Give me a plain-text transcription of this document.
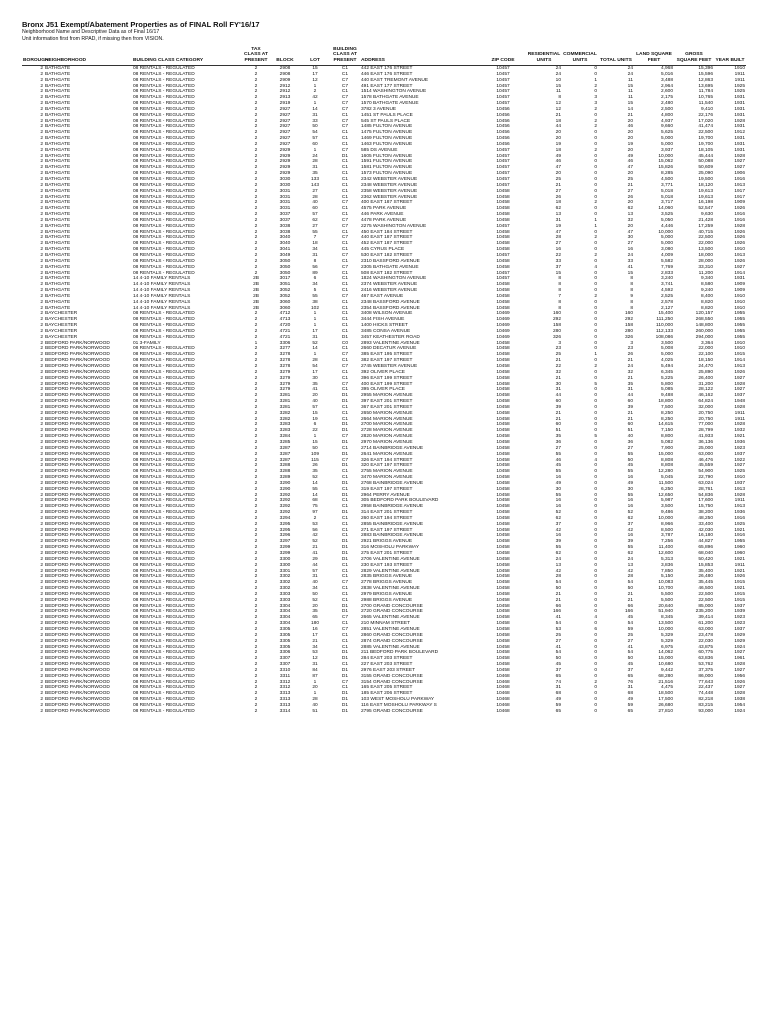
Bronx J51 Exempt/Abatement Properties as of FINAL Roll FY'16/17
Neighborhood Name and Descriptive Data as of Final 16/17
Unit information first from RPAD, if missing then from VISION.
BOROUGH	NEIGHBORHOOD	BUILDING CLASS CATEGORY	TAX CLASS AT PRESENT	BLOCK	LOT	BUILDING CLASS AT PRESENT	ADDRESS	ZIP CODE	RESIDENTIAL UNITS	COMMERCIAL UNITS	TOTAL UNITS	LAND SQUARE FEET	GROSS SQUARE FEET	YEAR BUILT
2	BATHGATE	08 RENTALS - REGULATED	2	2908	15	C1	442 EAST 176 STREET	10457	24	0	24	4,968	15,396	1910
2	BATHGATE	08 RENTALS - REGULATED	2	2908	17	C1	446 EAST 176 STREET	10457	24	0	24	5,016	15,596	1911
2	BATHGATE	08 RENTALS - REGULATED	2	2909	12	C7	440 EAST TREMONT AVENUE	10457	10	1	11	3,488	12,863	1911
2	BATHGATE	08 RENTALS - REGULATED	2	2912	1	C7	491 EAST 177 STREET	10457	15	2	15	2,964	13,695	1925
2	BATHGATE	08 RENTALS - REGULATED	2	2912	2	C1	1514 WASHINGTON AVENUE	10457	11	0	11	2,600	11,784	1925
2	BATHGATE	08 RENTALS - REGULATED	2	2913	42	C7	1578 BATHGATE AVENUE	10457	8	3	11	2,175	10,765	1931
2	BATHGATE	08 RENTALS - REGULATED	2	2919	1	C7	1570 BATHGATE AVENUE	10457	12	3	15	2,480	11,540	1931
2	BATHGATE	08 RENTALS - REGULATED	2	2927	14	C7	3782 3 AVENUE	10456	12	2	14	2,500	9,410	1931
2	BATHGATE	08 RENTALS - REGULATED	2	2927	31	C1	1451 ST PAULS PLACE	10456	21	0	21	4,800	22,176	1931
2	BATHGATE	08 RENTALS - REGULATED	2	2927	33	C7	545 ST PAULS PLACE	10456	18	2	20	4,937	17,020	1928
2	BATHGATE	08 RENTALS - REGULATED	2	2927	50	C7	1485 FULTON AVENUE	10456	44	2	46	9,660	41,474	1931
2	BATHGATE	08 RENTALS - REGULATED	2	2927	54	C1	1475 FULTON AVENUE	10456	20	0	20	5,625	22,500	1912
2	BATHGATE	08 RENTALS - REGULATED	2	2927	57	C1	1469 FULTON AVENUE	10456	20	0	20	5,000	19,700	1931
2	BATHGATE	08 RENTALS - REGULATED	2	2927	60	C1	1463 FULTON AVENUE	10456	19	0	19	5,000	19,700	1931
2	BATHGATE	08 RENTALS - REGULATED	2	2929	1	C7	585 DS AVENUE	10457	18	2	20	3,937	18,105	1931
2	BATHGATE	08 RENTALS - REGULATED	2	2929	24	D1	1605 FULTON AVENUE	10457	49	0	49	10,000	45,444	1928
2	BATHGATE	08 RENTALS - REGULATED	2	2929	28	C1	1591 FULTON AVENUE	10457	46	0	46	15,062	50,088	1927
2	BATHGATE	08 RENTALS - REGULATED	2	2929	31	C1	1581 FULTON AVENUE	10457	47	0	47	15,826	50,609	1927
2	BATHGATE	08 RENTALS - REGULATED	2	2929	35	C1	1573 FULTON AVENUE	10457	20	0	20	8,285	25,090	1906
2	BATHGATE	08 RENTALS - REGULATED	2	3030	133	C1	2342 WEBSTER AVENUE	10457	25	0	25	4,500	19,500	1916
2	BATHGATE	08 RENTALS - REGULATED	2	3030	143	C1	2348 WEBSTER AVENUE	10457	21	0	21	3,771	18,120	1913
2	BATHGATE	08 RENTALS - REGULATED	2	3031	27	C1	2358 WEBSTER AVENUE	10458	27	0	27	5,018	19,613	1917
2	BATHGATE	08 RENTALS - REGULATED	2	3031	28	C1	2362 WEBSTER AVENUE	10458	26	0	26	5,018	19,613	1917
2	BATHGATE	08 RENTALS - REGULATED	2	3031	40	C7	400 EAST 187 STREET	10458	18	2	20	3,717	16,198	1909
2	BATHGATE	08 RENTALS - REGULATED	2	3031	60	C1	4575 PARK AVENUE	10458	62	0	62	14,060	52,547	1926
2	BATHGATE	08 RENTALS - REGULATED	2	3037	57	C1	446 PARK AVENUE	10458	13	0	13	3,525	9,630	1916
2	BATHGATE	08 RENTALS - REGULATED	2	3037	62	C7	4478 PARK AVENUE	10458	31	1	32	5,050	21,428	1916
2	BATHGATE	08 RENTALS - REGULATED	2	3038	27	C7	2275 WASHINGTON AVENUE	10457	19	1	20	4,446	17,259	1928
2	BATHGATE	08 RENTALS - REGULATED	2	3038	55	C1	450 EAST 184 STREET	10458	47	0	47	10,000	40,715	1926
2	BATHGATE	08 RENTALS - REGULATED	2	3040	7	C7	440 EAST 187 STREET	10458	28	2	30	5,000	22,500	1926
2	BATHGATE	08 RENTALS - REGULATED	2	3040	18	C1	452 EAST 187 STREET	10458	27	0	27	5,000	22,000	1926
2	BATHGATE	08 RENTALS - REGULATED	2	3041	34	C1	445 CYRUS PLACE	10458	16	0	16	3,080	13,500	1910
2	BATHGATE	08 RENTALS - REGULATED	2	3049	31	C7	530 EAST 182 STREET	10457	22	2	24	4,009	18,000	1913
2	BATHGATE	08 RENTALS - REGULATED	2	3050	8	C1	2310 BASSFORD AVENUE	10458	33	0	33	5,582	28,000	1926
2	BATHGATE	08 RENTALS - REGULATED	2	3050	56	C7	2305 BATHGATE AVENUE	10458	37	4	41	7,769	33,310	1927
2	BATHGATE	08 RENTALS - REGULATED	2	3050	89	C1	508 EAST 182 STREET	10457	15	0	15	2,833	11,200	1914
2	BATHGATE	14 4-10 FAMILY RENTALS	2B	3017	6	C1	1824 WASHINGTON AVENUE	10457	8	0	8	3,240	9,340	1931
2	BATHGATE	14 4-10 FAMILY RENTALS	2B	3051	34	C1	2374 WEBSTER AVENUE	10458	8	0	8	3,741	8,580	1909
2	BATHGATE	14 4-10 FAMILY RENTALS	2B	3052	5	C1	2416 WEBSTER AVENUE	10458	8	0	8	4,592	9,240	1909
2	BATHGATE	14 4-10 FAMILY RENTALS	2B	3052	55	C7	467 EAST AVENUE	10458	7	2	9	2,525	8,400	1910
2	BATHGATE	14 4-10 FAMILY RENTALS	2B	3060	38	C1	2348 BASSFORD AVENUE	10458	8	0	8	2,578	8,820	1910
2	BATHGATE	14 4-10 FAMILY RENTALS	2B	3060	102	C1	2354 BASSFORD AVENUE	10458	8	0	8	2,127	8,820	1910
2	BAYCHESTER	08 RENTALS - REGULATED	2	4712	1	C1	3408 WILSON AVENUE	10469	160	0	160	15,400	120,157	1955
2	BAYCHESTER	08 RENTALS - REGULATED	2	4713	1	C1	3444 FISH AVENUE	10469	292	0	292	111,250	268,550	1955
2	BAYCHESTER	08 RENTALS - REGULATED	2	4720	1	C1	1400 HICKS STREET	10469	158	0	158	110,000	148,800	1955
2	BAYCHESTER	08 RENTALS - REGULATED	2	4721	17	C1	3485 CONSA AVENUE	10469	280	0	280	112,133	260,000	1955
2	BAYCHESTER	08 RENTALS - REGULATED	2	4721	31	D1	3457 KEATHESTER ROAD	10469	326	0	326	108,086	294,000	1955
2	BEDFORD PARK/NORWOOD	01 3-FAMILY	1	3306	52	C0	2893 VALENTINE AVENUE	10458	3	0	3	3,500	3,364	1910
2	BEDFORD PARK/NORWOOD	08 RENTALS - REGULATED	2	3277	14	C1	2660 DECATUR AVENUE	10458	23	0	23	5,008	22,000	1910
2	BEDFORD PARK/NORWOOD	08 RENTALS - REGULATED	2	3278	1	C7	385 EAST 195 STREET	10458	25	1	26	5,000	22,100	1915
2	BEDFORD PARK/NORWOOD	08 RENTALS - REGULATED	2	3278	28	C1	382 EAST 197 STREET	10458	21	0	21	4,025	18,150	1914
2	BEDFORD PARK/NORWOOD	08 RENTALS - REGULATED	2	3278	54	C7	2745 WEBSTER AVENUE	10458	22	2	24	5,494	24,470	1913
2	BEDFORD PARK/NORWOOD	08 RENTALS - REGULATED	2	3279	17	C1	392 OLIVER PLACE	10458	32	0	32	6,345	25,890	1926
2	BEDFORD PARK/NORWOOD	08 RENTALS - REGULATED	2	3279	30	C1	396 EAST 199 STREET	10458	21	0	21	5,225	26,400	1927
2	BEDFORD PARK/NORWOOD	08 RENTALS - REGULATED	2	3279	35	C7	400 EAST 199 STREET	10458	30	5	35	5,800	31,200	1928
2	BEDFORD PARK/NORWOOD	08 RENTALS - REGULATED	2	3279	41	C1	395 OLIVER PLACE	10458	31	0	31	5,085	28,122	1927
2	BEDFORD PARK/NORWOOD	08 RENTALS - REGULATED	2	3281	20	D1	2955 MARION AVENUE	10458	44	0	44	9,488	46,162	1937
2	BEDFORD PARK/NORWOOD	08 RENTALS - REGULATED	2	3281	40	D1	397 EAST 201 STREET	10458	60	0	60	18,800	64,824	1948
2	BEDFORD PARK/NORWOOD	08 RENTALS - REGULATED	2	3281	57	C1	367 EAST 201 STREET	10458	39	0	39	7,500	32,000	1928
2	BEDFORD PARK/NORWOOD	08 RENTALS - REGULATED	2	3282	15	C1	2650 MARION AVENUE	10458	21	0	21	8,250	20,750	1911
2	BEDFORD PARK/NORWOOD	08 RENTALS - REGULATED	2	3282	19	C1	2664 MARION AVENUE	10458	21	0	21	8,250	20,750	1911
2	BEDFORD PARK/NORWOOD	08 RENTALS - REGULATED	2	3283	6	D1	2700 MARION AVENUE	10458	60	0	60	14,615	77,000	1928
2	BEDFORD PARK/NORWOOD	08 RENTALS - REGULATED	2	3283	22	D1	2728 MARION AVENUE	10458	51	0	51	7,150	28,799	1932
2	BEDFORD PARK/NORWOOD	08 RENTALS - REGULATED	2	3284	1	C7	2820 MARION AVENUE	10458	35	5	40	8,800	41,933	1921
2	BEDFORD PARK/NORWOOD	08 RENTALS - REGULATED	2	3285	15	D1	2970 MARION AVENUE	10458	36	0	36	5,082	36,136	1936
2	BEDFORD PARK/NORWOOD	08 RENTALS - REGULATED	2	3287	50	C1	2714 BAINBRIDGE AVENUE	10458	27	0	27	7,900	25,000	1923
2	BEDFORD PARK/NORWOOD	08 RENTALS - REGULATED	2	3287	109	D1	2641 MARION AVENUE	10458	55	0	55	15,000	63,000	1937
2	BEDFORD PARK/NORWOOD	08 RENTALS - REGULATED	2	3287	115	C7	326 EAST 194 STREET	10458	46	4	50	8,808	46,476	1922
2	BEDFORD PARK/NORWOOD	08 RENTALS - REGULATED	2	3288	26	D1	320 EAST 197 STREET	10458	45	0	45	8,808	45,559	1927
2	BEDFORD PARK/NORWOOD	08 RENTALS - REGULATED	2	3288	35	C1	2755 MARION AVENUE	10458	55	0	55	12,280	54,900	1925
2	BEDFORD PARK/NORWOOD	08 RENTALS - REGULATED	2	3289	52	C1	3470 MARION AVENUE	10458	16	0	16	5,045	22,790	1910
2	BEDFORD PARK/NORWOOD	08 RENTALS - REGULATED	2	3290	14	D1	2768 BAINBRIDGE AVENUE	10458	49	0	49	11,500	63,024	1937
2	BEDFORD PARK/NORWOOD	08 RENTALS - REGULATED	2	3290	55	C1	319 EAST 197 STREET	10458	30	0	30	6,250	28,761	1913
2	BEDFORD PARK/NORWOOD	08 RENTALS - REGULATED	2	3292	14	D1	2964 PERRY AVENUE	10458	55	0	55	12,650	54,836	1928
2	BEDFORD PARK/NORWOOD	08 RENTALS - REGULATED	2	3292	68	C1	305 BEDFORD PARK BOULEVARD	10458	16	0	16	5,987	17,600	1911
2	BEDFORD PARK/NORWOOD	08 RENTALS - REGULATED	2	3292	75	C1	2958 BAINBRIDGE AVENUE	10458	16	0	16	3,500	15,750	1913
2	BEDFORD PARK/NORWOOD	08 RENTALS - REGULATED	2	3292	97	D1	314 EAST 201 STREET	10458	52	0	52	9,486	38,200	1936
2	BEDFORD PARK/NORWOOD	08 RENTALS - REGULATED	2	3294	2	C1	260 EAST 194 STREET	10458	62	0	62	10,000	48,250	1916
2	BEDFORD PARK/NORWOOD	08 RENTALS - REGULATED	2	3295	53	C1	2855 BAINBRIDGE AVENUE	10458	37	0	37	8,966	33,400	1925
2	BEDFORD PARK/NORWOOD	08 RENTALS - REGULATED	2	3295	56	C1	271 EAST 197 STREET	10458	42	0	42	8,500	42,030	1921
2	BEDFORD PARK/NORWOOD	08 RENTALS - REGULATED	2	3296	42	C1	2883 BAINBRIDGE AVENUE	10458	16	0	16	3,787	16,180	1916
2	BEDFORD PARK/NORWOOD	08 RENTALS - REGULATED	2	3297	52	D1	2921 BRIGGS AVENUE	10458	39	0	39	7,256	44,827	1955
2	BEDFORD PARK/NORWOOD	08 RENTALS - REGULATED	2	3299	21	D1	316 MOSHOLU PARKWAY	10458	55	0	55	11,400	65,896	1960
2	BEDFORD PARK/NORWOOD	08 RENTALS - REGULATED	2	3299	41	D1	275 EAST 201 STREET	10458	62	0	62	12,600	68,040	1960
2	BEDFORD PARK/NORWOOD	08 RENTALS - REGULATED	2	3300	29	D1	2706 VALENTINE AVENUE	10458	24	0	24	5,313	50,420	1921
2	BEDFORD PARK/NORWOOD	08 RENTALS - REGULATED	2	3300	44	C1	230 EAST 193 STREET	10458	13	0	13	3,836	15,853	1911
2	BEDFORD PARK/NORWOOD	08 RENTALS - REGULATED	2	3301	57	C1	2829 VALENTINE AVENUE	10458	42	0	42	7,850	35,400	1921
2	BEDFORD PARK/NORWOOD	08 RENTALS - REGULATED	2	3302	31	C1	2835 BRIGGS AVENUE	10458	28	0	28	5,150	26,480	1926
2	BEDFORD PARK/NORWOOD	08 RENTALS - REGULATED	2	3302	40	C7	2778 BRIGGS AVENUE	10458	54	0	54	10,083	35,445	1915
2	BEDFORD PARK/NORWOOD	08 RENTALS - REGULATED	2	3302	34	C1	2838 VALENTINE AVENUE	10458	50	0	50	10,700	46,500	1921
2	BEDFORD PARK/NORWOOD	08 RENTALS - REGULATED	2	3303	50	C1	2979 BRIGGS AVENUE	10458	21	0	21	5,500	22,500	1915
2	BEDFORD PARK/NORWOOD	08 RENTALS - REGULATED	2	3303	52	C1	2988 BRIGGS AVENUE	10458	21	0	21	5,500	22,500	1915
2	BEDFORD PARK/NORWOOD	08 RENTALS - REGULATED	2	3304	20	D1	2700 GRAND CONCOURSE	10458	66	0	66	20,640	85,000	1937
2	BEDFORD PARK/NORWOOD	08 RENTALS - REGULATED	2	3304	35	D1	2720 GRAND CONCOURSE	10458	166	0	166	51,940	235,200	1939
2	BEDFORD PARK/NORWOOD	08 RENTALS - REGULATED	2	3304	65	C7	2665 VALENTINE AVENUE	10458	41	4	45	8,345	39,414	1923
2	BEDFORD PARK/NORWOOD	08 RENTALS - REGULATED	2	3304	180	C1	210 MINNAM STREET	10458	54	0	54	13,500	61,200	1923
2	BEDFORD PARK/NORWOOD	08 RENTALS - REGULATED	2	3305	16	C7	2851 VALENTINE AVENUE	10458	53	6	59	10,000	63,000	1937
2	BEDFORD PARK/NORWOOD	08 RENTALS - REGULATED	2	3305	17	C1	2860 GRAND CONCOURSE	10458	25	0	25	5,329	23,478	1929
2	BEDFORD PARK/NORWOOD	08 RENTALS - REGULATED	2	3305	21	C1	2874 GRAND CONCOURSE	10458	27	0	27	5,329	22,030	1929
2	BEDFORD PARK/NORWOOD	08 RENTALS - REGULATED	2	3305	34	C1	2885 VALENTINE AVENUE	10458	41	0	41	6,975	43,875	1924
2	BEDFORD PARK/NORWOOD	08 RENTALS - REGULATED	2	3306	53	D1	211 BEDFORD PARK BOULEVARD	10458	54	0	54	14,062	60,775	1927
2	BEDFORD PARK/NORWOOD	08 RENTALS - REGULATED	2	3307	12	D1	284 EAST 203 STREET	10458	50	0	50	15,000	63,836	1961
2	BEDFORD PARK/NORWOOD	08 RENTALS - REGULATED	2	3307	31	C1	227 EAST 203 STREET	10458	45	0	45	10,680	53,762	1928
2	BEDFORD PARK/NORWOOD	08 RENTALS - REGULATED	2	3310	84	D1	2976 EAST 203 STREET	10458	37	0	37	9,442	37,375	1927
2	BEDFORD PARK/NORWOOD	08 RENTALS - REGULATED	2	3311	87	D1	3155 GRAND CONCOURSE	10468	65	0	65	68,280	86,000	1956
2	BEDFORD PARK/NORWOOD	08 RENTALS - REGULATED	2	3312	1	C7	3154 GRAND CONCOURSE	10468	74	2	76	21,516	77,643	1926
2	BEDFORD PARK/NORWOOD	08 RENTALS - REGULATED	2	3312	20	C1	165 EAST 205 STREET	10468	31	0	31	4,475	22,437	1927
2	BEDFORD PARK/NORWOOD	08 RENTALS - REGULATED	2	3313	1	D1	185 EAST 206 STREET	10468	68	0	68	18,500	74,448	1928
2	BEDFORD PARK/NORWOOD	08 RENTALS - REGULATED	2	3313	28	D1	103 WEST MOSHOLU PARKWAY	10468	49	0	49	17,500	82,218	1938
2	BEDFORD PARK/NORWOOD	08 RENTALS - REGULATED	2	3313	40	D1	116 EAST MOSHOLU PARKWAY S	10468	59	0	59	26,680	83,215	1954
2	BEDFORD PARK/NORWOOD	08 RENTALS - REGULATED	2	3314	51	D1	2795 GRAND CONCOURSE	10468	65	0	65	27,810	93,000	1924
